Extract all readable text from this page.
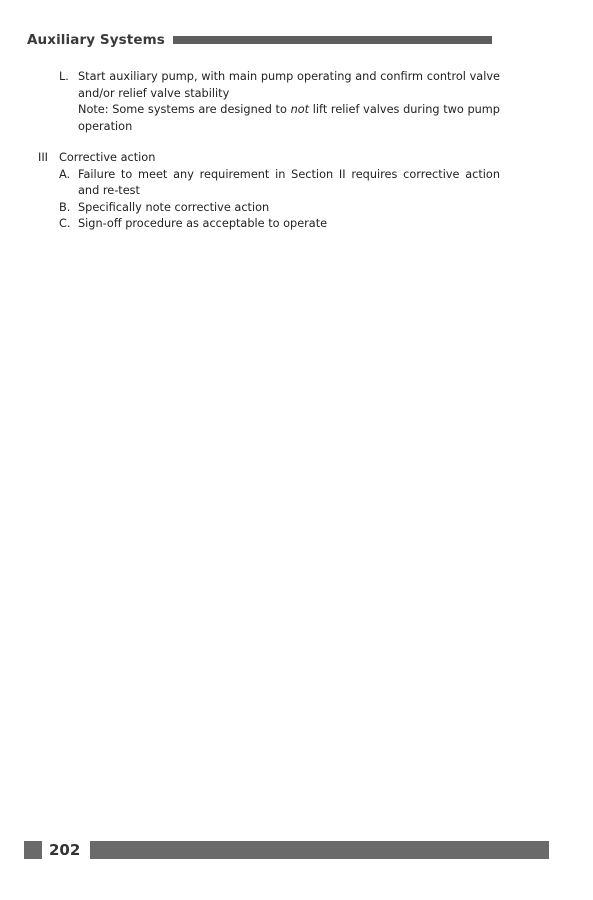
Auxiliary Systems
L. Start auxiliary pump, with main pump operating and confirm control valve and/or relief valve stability
Note: Some systems are designed to not lift relief valves during two pump operation
III Corrective action
A. Failure to meet any requirement in Section II requires corrective action and re-test
B. Specifically note corrective action
C. Sign-off procedure as acceptable to operate
202
